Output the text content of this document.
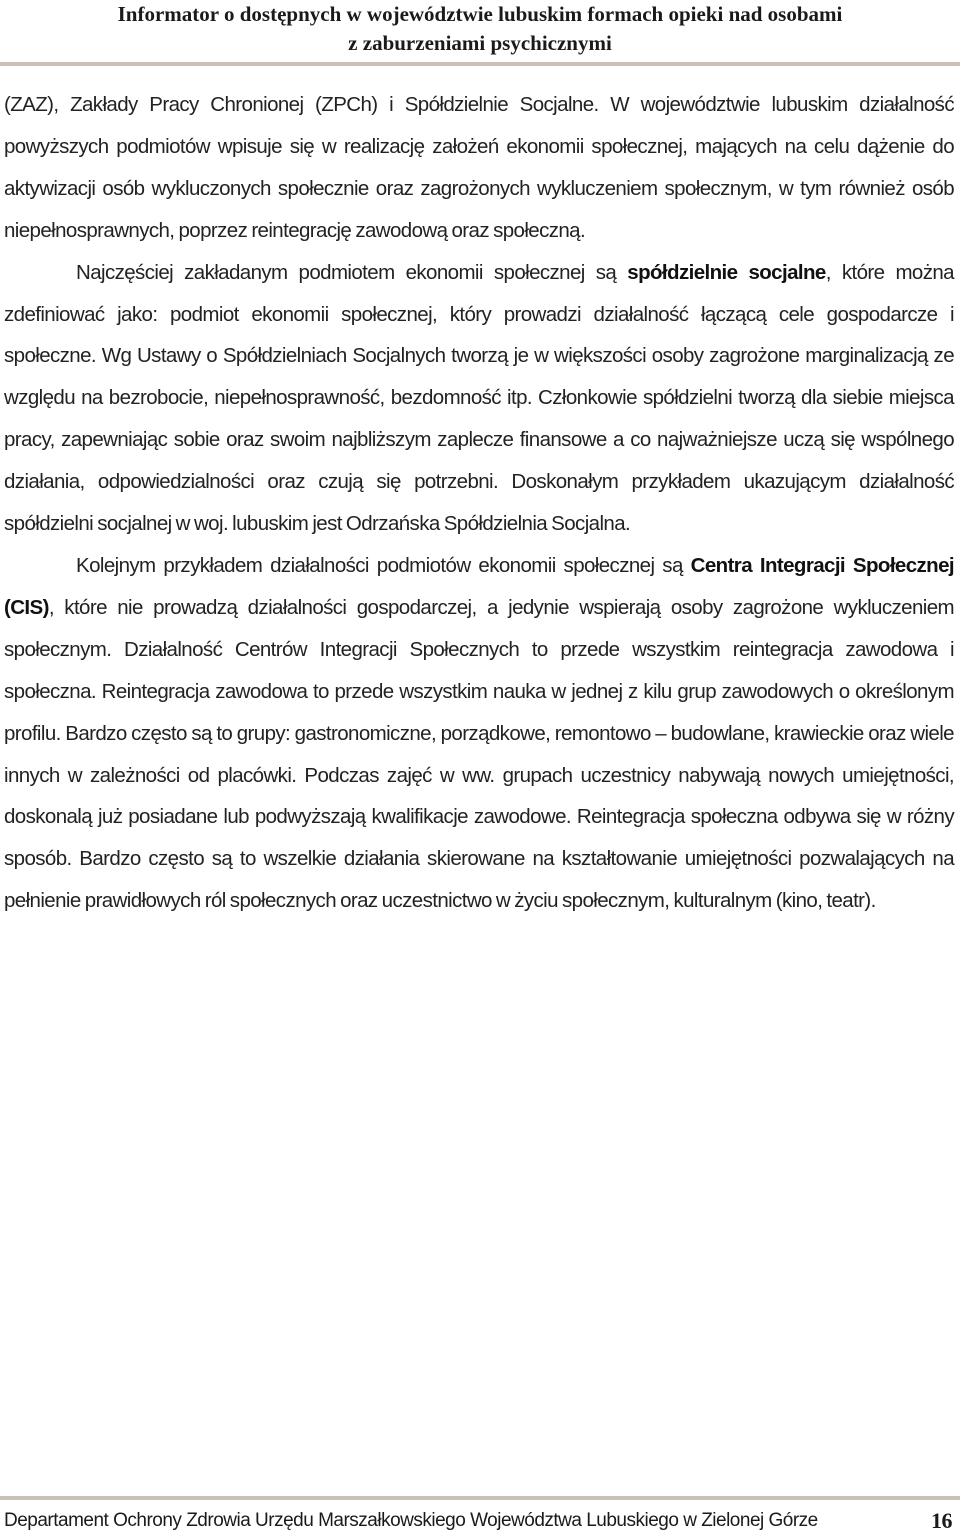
Informator o dostępnych w województwie lubuskim formach opieki nad osobami
z zaburzeniami psychicznymi

(ZAZ), Zakłady Pracy Chronionej (ZPCh) i Spółdzielnie Socjalne. W województwie lubuskim działalność powyższych podmiotów wpisuje się w realizację założeń ekonomii społecznej, mających na celu dążenie do aktywizacji osób wykluczonych społecznie oraz zagrożonych wykluczeniem społecznym, w tym również osób niepełnosprawnych, poprzez reintegrację zawodową oraz społeczną.

Najczęściej zakładanym podmiotem ekonomii społecznej są spółdzielnie socjalne, które można zdefiniować jako: podmiot ekonomii społecznej, który prowadzi działalność łączącą cele gospodarcze i społeczne. Wg Ustawy o Spółdzielniach Socjalnych tworzą je w większości osoby zagrożone marginalizacją ze względu na bezrobocie, niepełnosprawność, bezdomność itp. Członkowie spółdzielni tworzą dla siebie miejsca pracy, zapewniając sobie oraz swoim najbliższym zaplecze finansowe a co najważniejsze uczą się wspólnego działania, odpowiedzialności oraz czują się potrzebni. Doskonałym przykładem ukazującym działalność spółdzielni socjalnej w woj. lubuskim jest Odrzańska Spółdzielnia Socjalna.

Kolejnym przykładem działalności podmiotów ekonomii społecznej są Centra Integracji Społecznej (CIS), które nie prowadzą działalności gospodarczej, a jedynie wspierają osoby zagrożone wykluczeniem społecznym. Działalność Centrów Integracji Społecznych to przede wszystkim reintegracja zawodowa i społeczna. Reintegracja zawodowa to przede wszystkim nauka w jednej z kilu grup zawodowych o określonym profilu. Bardzo często są to grupy: gastronomiczne, porządkowe, remontowo – budowlane, krawieckie oraz wiele innych w zależności od placówki. Podczas zajęć w ww. grupach uczestnicy nabywają nowych umiejętności, doskonalą już posiadane lub podwyższają kwalifikacje zawodowe. Reintegracja społeczna odbywa się w różny sposób. Bardzo często są to wszelkie działania skierowane na kształtowanie umiejętności pozwalających na pełnienie prawidłowych ról społecznych oraz uczestnictwo w życiu społecznym, kulturalnym (kino, teatr).

Departament Ochrony Zdrowia Urzędu Marszałkowskiego Województwa Lubuskiego w Zielonej Górze	16
